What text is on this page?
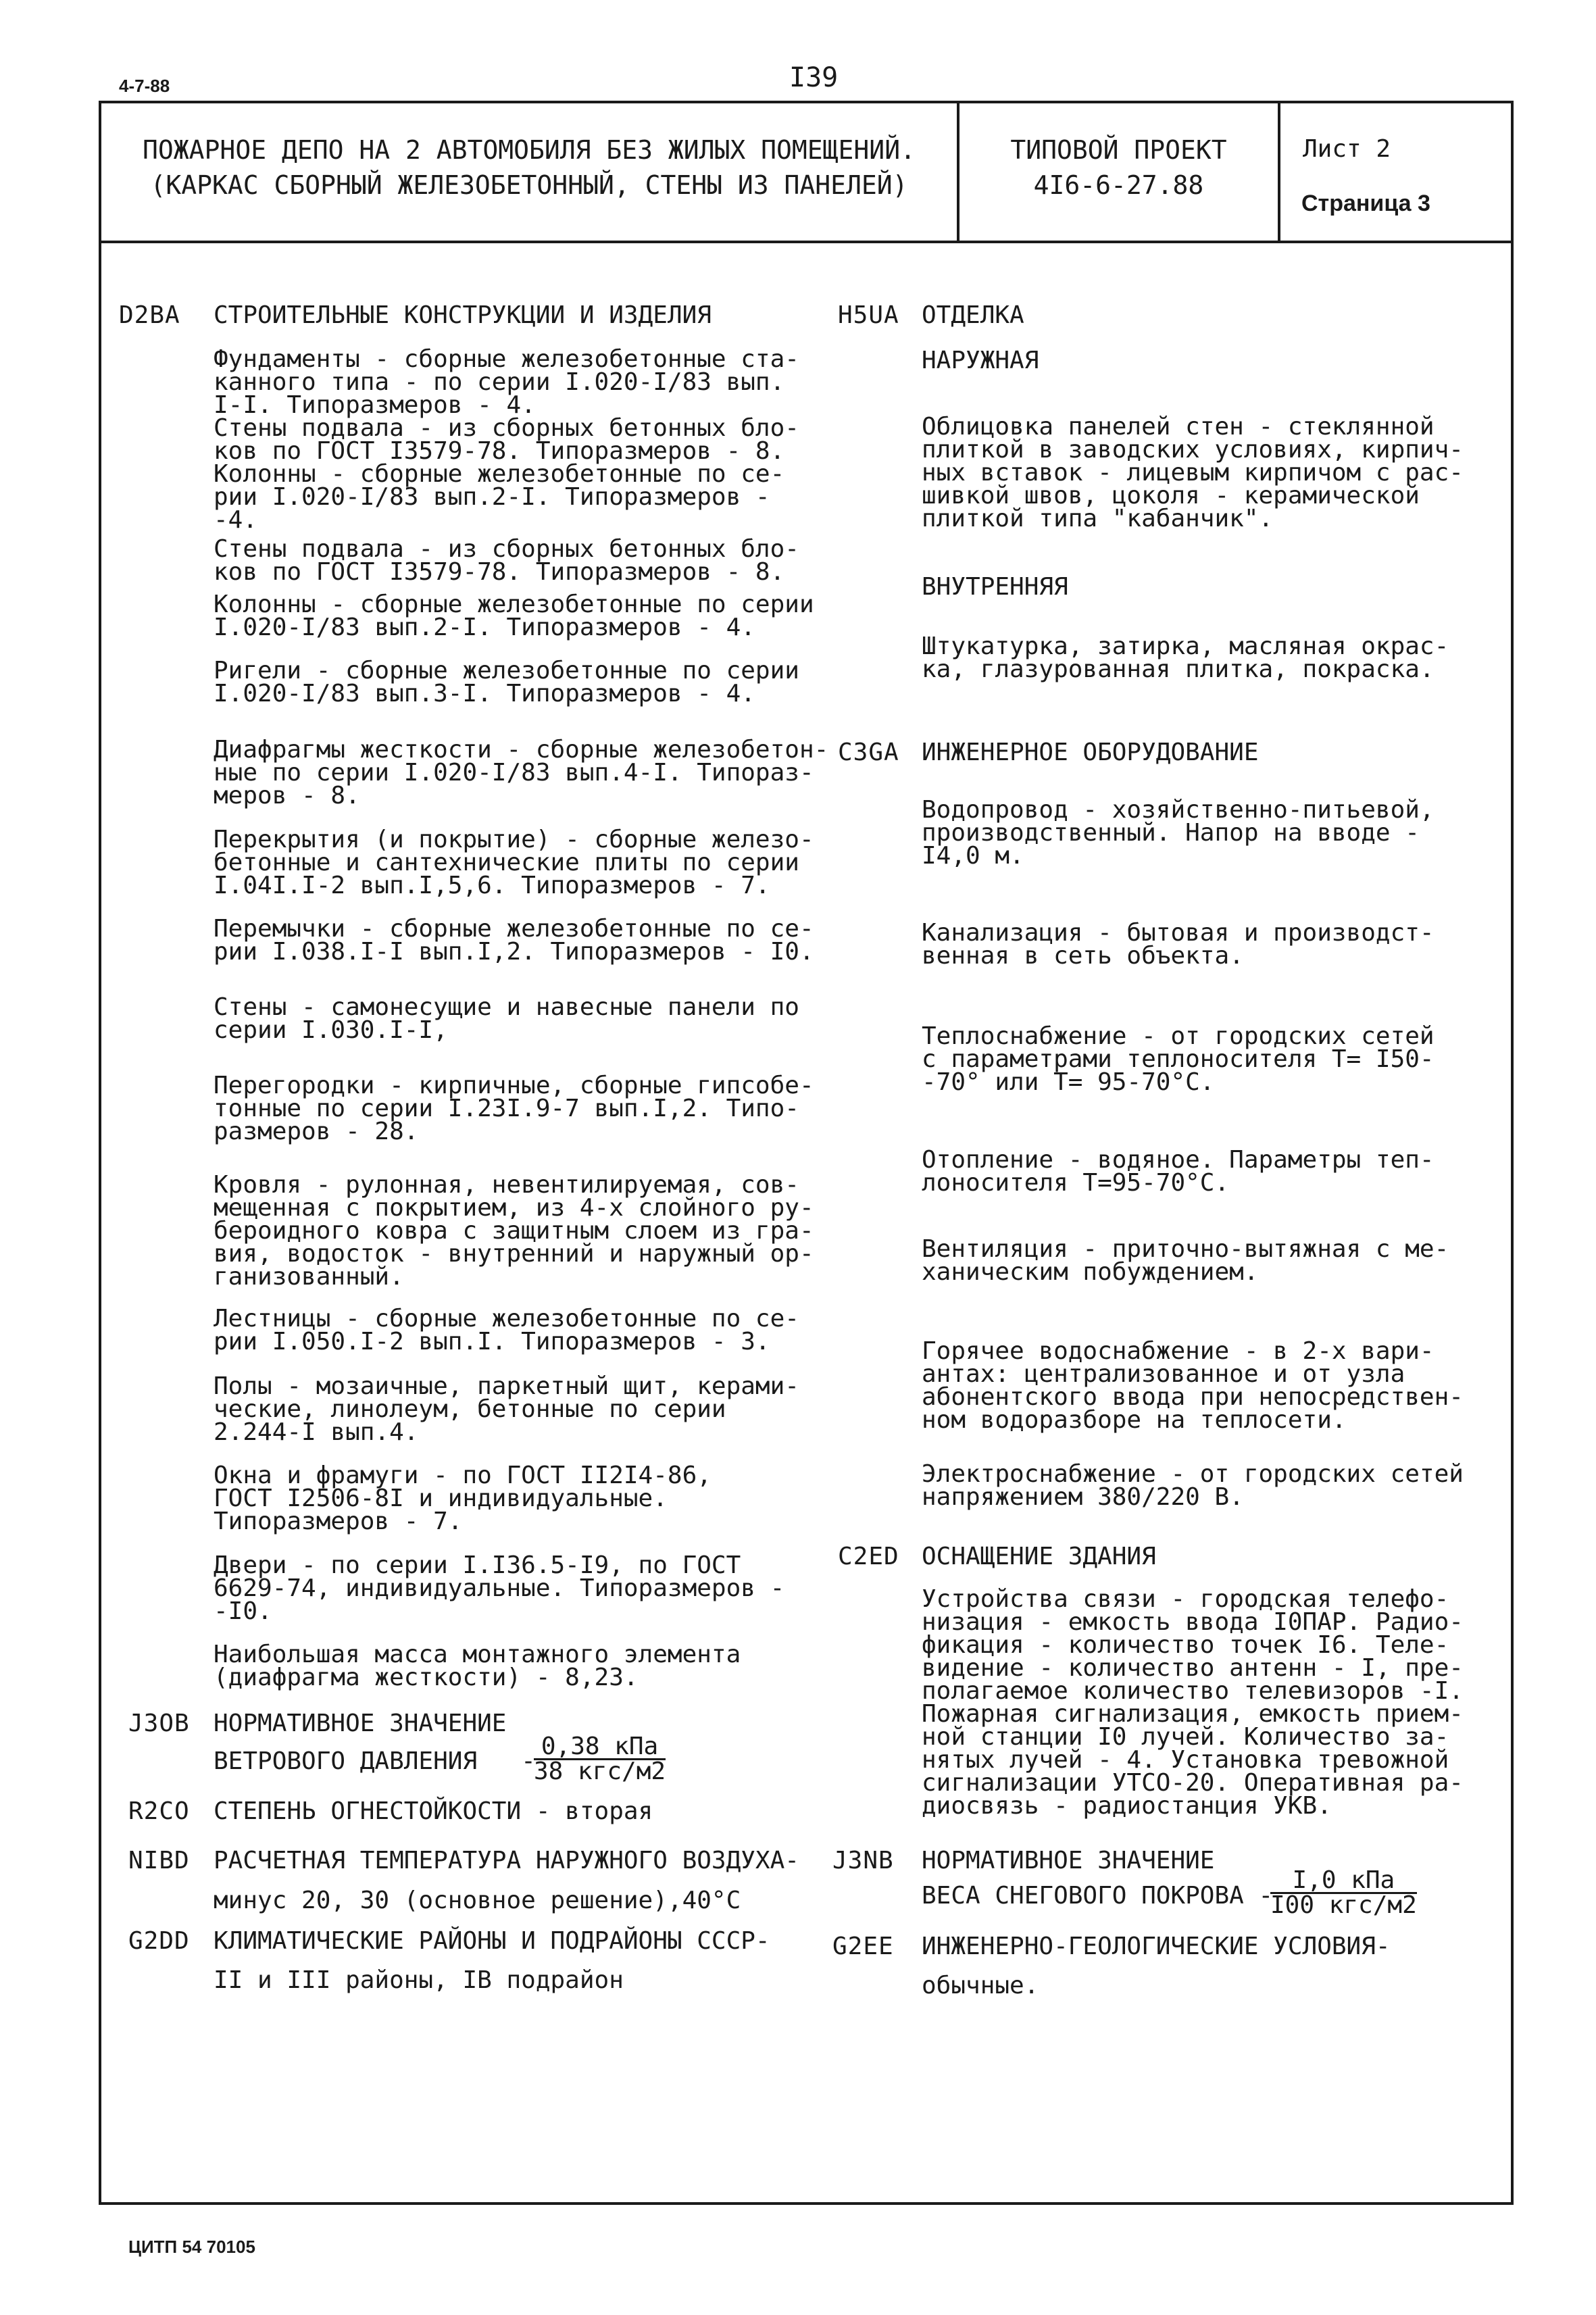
4-7-88	I39
ПОЖАРНОЕ ДЕПО НА 2 АВТОМОБИЛЯ БЕЗ ЖИЛЫХ ПОМЕЩЕНИЙ.
(КАРКАС СБОРНЫЙ ЖЕЛЕЗОБЕТОННЫЙ, СТЕНЫ ИЗ ПАНЕЛЕЙ)
ТИПОВОЙ ПРОЕКТ
4I6-6-27.88
Лист 2
Страница 3
D2BA СТРОИТЕЛЬНЫЕ КОНСТРУКЦИИ И ИЗДЕЛИЯ
Фундаменты - сборные железобетонные ста-
канного типа - по серии I.020-I/83 вып.
I-I. Типоразмеров - 4.
Стены подвала - из сборных бетонных бло-
ков по ГОСТ I3579-78. Типоразмеров - 8.
Колонны - сборные железобетонные по се-
рии I.020-I/83 вып.2-I. Типоразмеров -
-4.
Стены подвала - из сборных бетонных бло-
ков по ГОСТ I3579-78. Типоразмеров - 8.
Колонны - сборные железобетонные по серии
I.020-I/83 вып.2-I. Типоразмеров - 4.
Ригели - сборные железобетонные по серии
I.020-I/83 вып.3-I. Типоразмеров - 4.
Диафрагмы жесткости - сборные железобетон-
ные по серии I.020-I/83 вып.4-I. Типораз-
меров - 8.
Перекрытия (и покрытие) - сборные железо-
бетонные и сантехнические плиты по серии
I.04I.I-2 вып.I,5,6. Типоразмеров - 7.
Перемычки - сборные железобетонные по се-
рии I.038.I-I вып.I,2. Типоразмеров - I0.
Стены - самонесущие и навесные панели по
серии I.030.I-I,
Перегородки - кирпичные, сборные гипсобе-
тонные по серии I.23I.9-7 вып.I,2. Типо-
размеров - 28.
Кровля - рулонная, невентилируемая, сов-
мещенная с покрытием, из 4-х слойного ру-
бероидного ковра с защитным слоем из гра-
вия, водосток - внутренний и наружный ор-
ганизованный.
Лестницы - сборные железобетонные по се-
рии I.050.I-2 вып.I. Типоразмеров - 3.
Полы - мозаичные, паркетный щит, керами-
ческие, линолеум, бетонные по серии
2.244-I вып.4.
Окна и фрамуги - по ГОСТ II2I4-86,
ГОСТ I2506-8I и индивидуальные.
Типоразмеров - 7.
Двери - по серии I.I36.5-I9, по ГОСТ
6629-74, индивидуальные. Типоразмеров -
-I0.
Наибольшая масса монтажного элемента
(диафрагма жесткости) - 8,23.
J3OB НОРМАТИВНОЕ ЗНАЧЕНИЕ
ВЕТРОВОГО ДАВЛЕНИЯ   -
0,38 кПа
38 кгс/м2
R2CO СТЕПЕНЬ ОГНЕСТОЙКОСТИ - вторая
NIBD РАСЧЕТНАЯ ТЕМПЕРАТУРА НАРУЖНОГО ВОЗДУХА-
минус 20, 30 (основное решение),40°С
G2DD КЛИМАТИЧЕСКИЕ РАЙОНЫ И ПОДРАЙОНЫ СССР-
II и III районы, IB подрайон
H5UA ОТДЕЛКА
НАРУЖНАЯ
Облицовка панелей стен - стеклянной
плиткой в заводских условиях, кирпич-
ных вставок - лицевым кирпичом с рас-
шивкой швов, цоколя - керамической
плиткой типа "кабанчик".
ВНУТРЕННЯЯ
Штукатурка, затирка, масляная окрас-
ка, глазурованная плитка, покраска.
C3GA ИНЖЕНЕРНОЕ ОБОРУДОВАНИЕ
Водопровод - хозяйственно-питьевой,
производственный. Напор на вводе -
I4,0 м.
Канализация - бытовая и производст-
венная в сеть объекта.
Теплоснабжение - от городских сетей
с параметрами теплоносителя Т= I50-
-70° или Т= 95-70°С.
Отопление - водяное. Параметры теп-
лоносителя Т=95-70°С.
Вентиляция - приточно-вытяжная с ме-
ханическим побуждением.
Горячее водоснабжение - в 2-х вари-
антах: централизованное и от узла
абонентского ввода при непосредствен-
ном водоразборе на теплосети.
Электроснабжение - от городских сетей
напряжением 380/220 В.
C2ED ОСНАЩЕНИЕ ЗДАНИЯ
Устройства связи - городская телефо-
низация - емкость ввода I0ПАР. Радио-
фикация - количество точек I6. Теле-
видение - количество антенн - I, пре-
полагаемое количество телевизоров -I.
Пожарная сигнализация, емкость прием-
ной станции I0 лучей. Количество за-
нятых лучей - 4. Установка тревожной
сигнализации УТСО-20. Оперативная ра-
диосвязь - радиостанция УКВ.
J3NB НОРМАТИВНОЕ ЗНАЧЕНИЕ
ВЕСА СНЕГОВОГО ПОКРОВА -
I,0 кПа
I00 кгс/м2
G2EE ИНЖЕНЕРНО-ГЕОЛОГИЧЕСКИЕ УСЛОВИЯ-
обычные.
ЦИТП 54 70105
